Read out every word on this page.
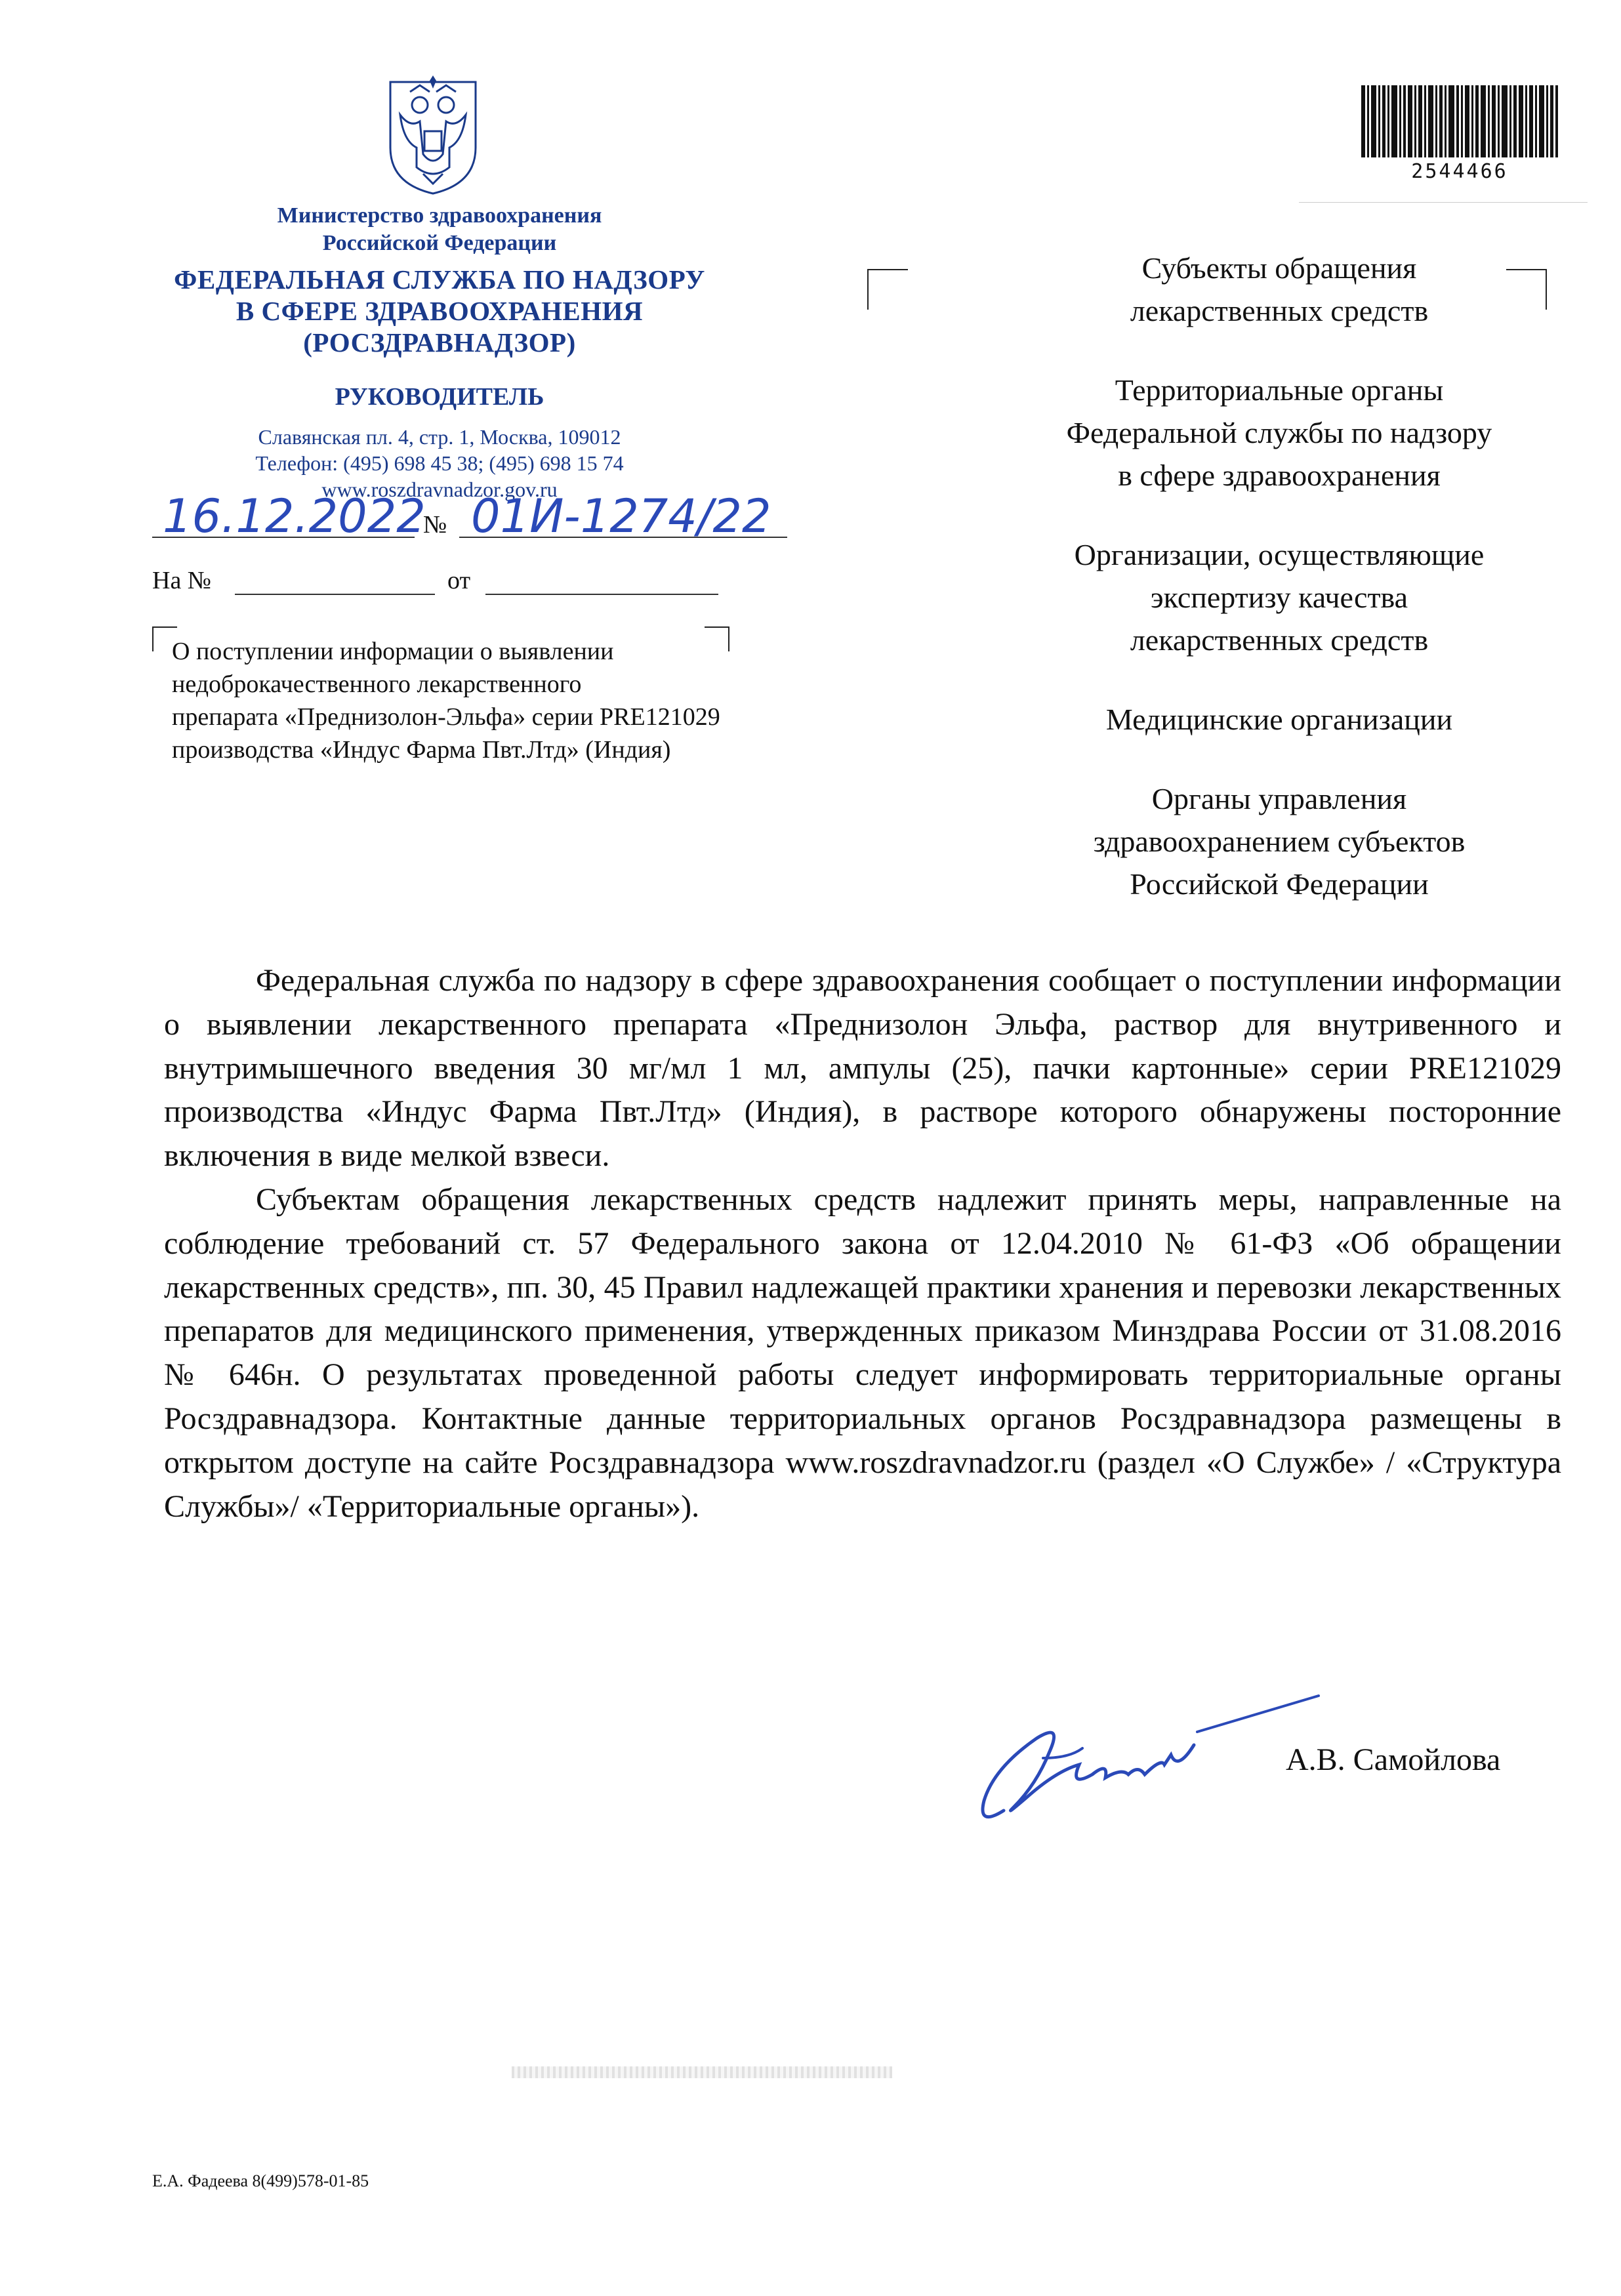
Министерство здравоохранения
Российской Федерации
ФЕДЕРАЛЬНАЯ СЛУЖБА ПО НАДЗОРУ
В СФЕРЕ ЗДРАВООХРАНЕНИЯ
(РОСЗДРАВНАДЗОР)
РУКОВОДИТЕЛЬ
Славянская пл. 4, стр. 1, Москва, 109012
Телефон: (495) 698 45 38; (495) 698 15 74
www.roszdravnadzor.gov.ru
16.12.2022
№ 01И-1274/22
На №	от
О поступлении информации о выявлении
недоброкачественного лекарственного
препарата «Преднизолон-Эльфа» серии PRE121029
производства «Индус Фарма Пвт.Лтд» (Индия)
2544466
Субъекты обращения
лекарственных средств
Территориальные органы
Федеральной службы по надзору
в сфере здравоохранения
Организации, осуществляющие
экспертизу качества
лекарственных средств
Медицинские организации
Органы управления
здравоохранением субъектов
Российской Федерации

Федеральная служба по надзору в сфере здравоохранения сообщает о поступлении информации о выявлении лекарственного препарата «Преднизолон Эльфа, раствор для внутривенного и внутримышечного введения 30 мг/мл 1 мл, ампулы (25), пачки картонные» серии PRE121029 производства «Индус Фарма Пвт.Лтд» (Индия), в растворе которого обнаружены посторонние включения в виде мелкой взвеси.

Субъектам обращения лекарственных средств надлежит принять меры, направленные на соблюдение требований ст. 57 Федерального закона от 12.04.2010 № 61-ФЗ «Об обращении лекарственных средств», пп. 30, 45 Правил надлежащей практики хранения и перевозки лекарственных препаратов для медицинского применения, утвержденных приказом Минздрава России от 31.08.2016 № 646н. О результатах проведенной работы следует информировать территориальные органы Росздравнадзора. Контактные данные территориальных органов Росздравнадзора размещены в открытом доступе на сайте Росздравнадзора www.roszdravnadzor.ru (раздел «О Службе» / «Структура Службы»/ «Территориальные органы»).

А.В. Самойлова
Е.А. Фадеева 8(499)578-01-85
